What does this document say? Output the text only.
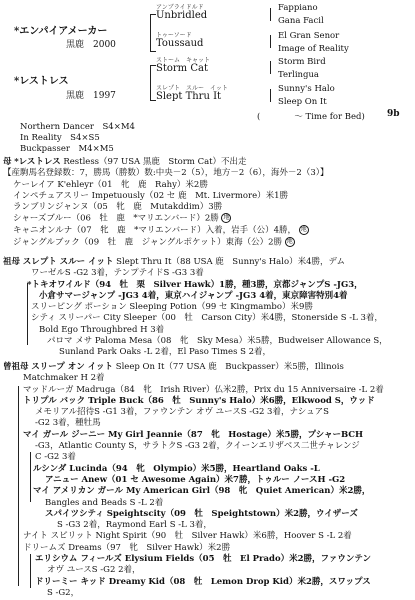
*エンパイアメーカー
黒鹿　2000
*レストレス
黒鹿　1997
アンブライドルド
Unbridled
トゥーソード
Toussaud
ストーム　キャット
Storm Cat
スレプト　スルー　イット
Slept Thru It
Fappiano
Gana Facil
El Gran Senor
Image of Reality
Storm Bird
Terlingua
Sunny's Halo
Sleep On It
(　　　　〜 Time for Bed) 9b
Northern Dancer　S4×M4
In Reality　S4×S5
Buckpasser　M4×M5
母 *レストレス Restless（97 USA 黒鹿　Storm Cat）不出走
【産駒馬名登録数：7，勝馬（勝数）数:中央－2（5），地方－2（6），海外－2（3）】
ケーレイア K'ehleyr（01　牝　鹿　Rahy）米2勝
インペチュアスリー Impetuously（02 セ 鹿　Mt. Livermore）米1勝
ランブリンジャンヌ（05　牝　鹿　Mutakddim）3勝
シャーズブルー（06　牡　鹿　*マリエンバード）2勝 地
キャニオンルナ（07　牝　鹿　*マリエンバード）入着，岩手（公）4勝， 地
ジャングルブック（09　牡　鹿　ジャングルポケット）東海（公）2勝 地
祖母 スレプト スルー イット Slept Thru It（88 USA 鹿　Sunny's Halo）米4勝，デム
ワーゼルS -G2 3着，テンプテイドS -G3 3着
*トキオワイルド（94　牡　栗　Silver Hawk）1勝，種3勝，京都ジャンプS -JG3，
小倉サマージャンプ -JG3 4着，東京ハイジャンプ -JG3 4着，東京障害特別4着
スリーピング ポーション Sleeping Potion（99 セ Kingmambo）米9勝
シティ スリーパー City Sleeper（00　牡　Carson City）米4勝，Stonerside S -L 3着，
Bold Ego Throughbred H 3着
パロマ メサ Paloma Mesa（08　牝　Sky Mesa）米5勝，Budweiser Allowance S，
Sunland Park Oaks -L 2着，El Paso Times S 2着，
曾祖母 スリープ オン イット Sleep On It（77 USA 鹿　Buckpasser）米5勝，Illinois
Matchmaker H 2着
マッドルーガ Madruga（84　牝　Irish River）仏米2勝，Prix du 15 Anniversaire -L 2着
トリプル バック Triple Buck（86　牡　Sunny's Halo）米6勝，Elkwood S，ウッド
メモリアル招待S -G1 3着，ファウンテン オヴ ユースS -G2 3着，ナシュアS
-G2 3着，種牡馬
マイ ガール ジーニー My Girl Jeannie（87　牝　Hostage）米5勝，プシャーBCH
-G3，Atlantic County S，サラトクS -G3 2着，クイーンエリザベス二世チャレンジ
C -G2 3着
ルシンダ Lucinda（94　牝　Olympio）米5勝，Heartland Oaks -L
アニュー Anew（01 セ Awesome Again）米7勝，トゥルー ノースH -G2
マイ アメリカン ガール My American Girl（98　牝　Quiet American）米2勝，
Bangles and Beads S -L 2着
スパイツシティ Speightscity（09　牡　Speightstown）米2勝，ウイザーズ
S -G3 2着，Raymond Earl S -L 3着，
ナイト スピリット Night Spirit（90　牡　Silver Hawk）米6勝，Hoover S -L 2着
ドリームズ Dreams（97　牝　Silver Hawk）米2勝
エリシウム フィールズ Elysium Fields（05　牡　El Prado）米2勝，ファウンテン
オヴ ユースS -G2 2着，
ドリーミー キッド Dreamy Kid（08　牡　Lemon Drop Kid）米2勝，スワップス
S -G2，
